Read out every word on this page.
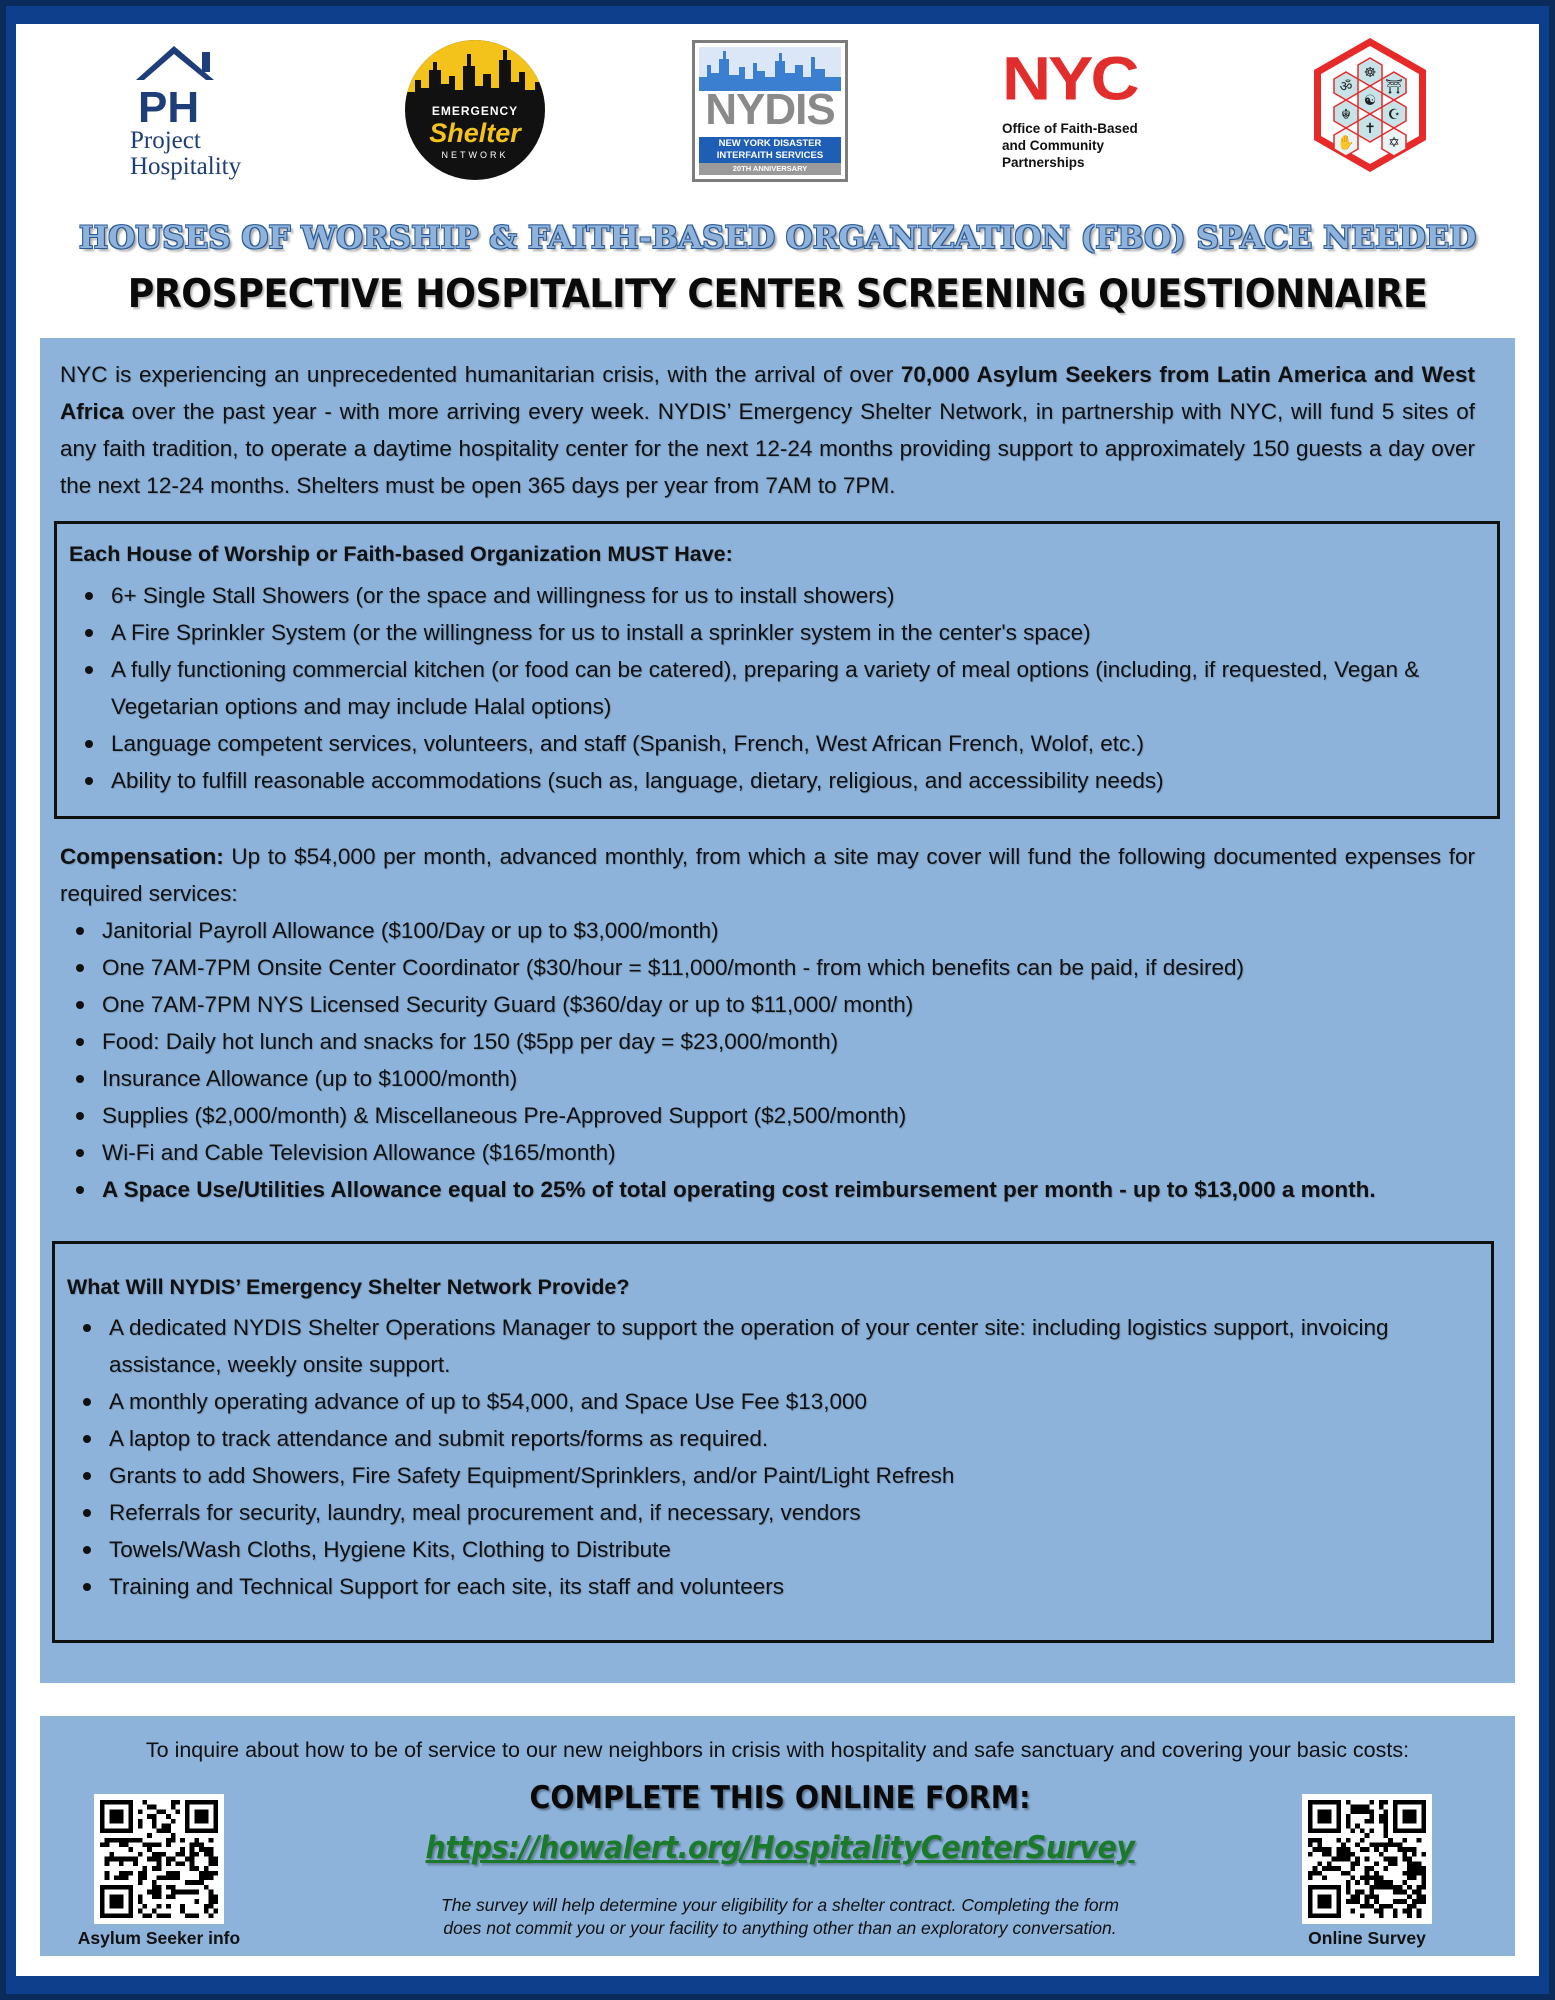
PH
Project
Hospitality
EMERGENCY
Shelter
NETWORK
NYDIS
NEW YORK DISASTER
INTERFAITH SERVICES
20TH ANNIVERSARY
NYC
Office of Faith-Based
and Community
Partnerships
☸
ॐ ⛩
☯
☬	☪
✝
✋ ✡
HOUSES OF WORSHIP & FAITH-BASED ORGANIZATION (FBO) SPACE NEEDED
PROSPECTIVE HOSPITALITY CENTER SCREENING QUESTIONNAIRE
NYC is experiencing an unprecedented humanitarian crisis, with the arrival of over 70,000 Asylum Seekers from Latin America and West Africa over the past year - with more arriving every week. NYDIS’ Emergency Shelter Network, in partnership with NYC, will fund 5 sites of any faith tradition, to operate a daytime hospitality center for the next 12-24 months providing support to approximately 150 guests a day over the next 12-24 months. Shelters must be open 365 days per year from 7AM to 7PM.
Each House of Worship or Faith-based Organization MUST Have:
6+ Single Stall Showers (or the space and willingness for us to install showers)
A Fire Sprinkler System (or the willingness for us to install a sprinkler system in the center's space)
A fully functioning commercial kitchen (or food can be catered), preparing a variety of meal options (including, if requested, Vegan & Vegetarian options and may include Halal options)
Language competent services, volunteers, and staff (Spanish, French, West African French, Wolof, etc.)
Ability to fulfill reasonable accommodations (such as, language, dietary, religious, and accessibility needs)
Compensation: Up to $54,000 per month, advanced monthly, from which a site may cover will fund the following documented expenses for required services:
Janitorial Payroll Allowance ($100/Day or up to $3,000/month)
One 7AM-7PM Onsite Center Coordinator ($30/hour = $11,000/month - from which benefits can be paid, if desired)
One 7AM-7PM NYS Licensed Security Guard ($360/day or up to $11,000/ month)
Food: Daily hot lunch and snacks for 150 ($5pp per day = $23,000/month)
Insurance Allowance (up to $1000/month)
Supplies ($2,000/month) & Miscellaneous Pre-Approved Support ($2,500/month)
Wi-Fi and Cable Television Allowance ($165/month)
A Space Use/Utilities Allowance equal to 25% of total operating cost reimbursement per month - up to $13,000 a month.
What Will NYDIS’ Emergency Shelter Network Provide?
A dedicated NYDIS Shelter Operations Manager to support the operation of your center site: including logistics support, invoicing assistance, weekly onsite support.
A monthly operating advance of up to $54,000, and Space Use Fee $13,000
A laptop to track attendance and submit reports/forms as required.
Grants to add Showers, Fire Safety Equipment/Sprinklers, and/or Paint/Light Refresh
Referrals for security, laundry, meal procurement and, if necessary, vendors
Towels/Wash Cloths, Hygiene Kits, Clothing to Distribute
Training and Technical Support for each site, its staff and volunteers
To inquire about how to be of service to our new neighbors in crisis with hospitality and safe sanctuary and covering your basic costs:
Asylum Seeker info
COMPLETE THIS ONLINE FORM:
https://howalert.org/HospitalityCenterSurvey
The survey will help determine your eligibility for a shelter contract. Completing the form
does not commit you or your facility to anything other than an exploratory conversation.	Online Survey
